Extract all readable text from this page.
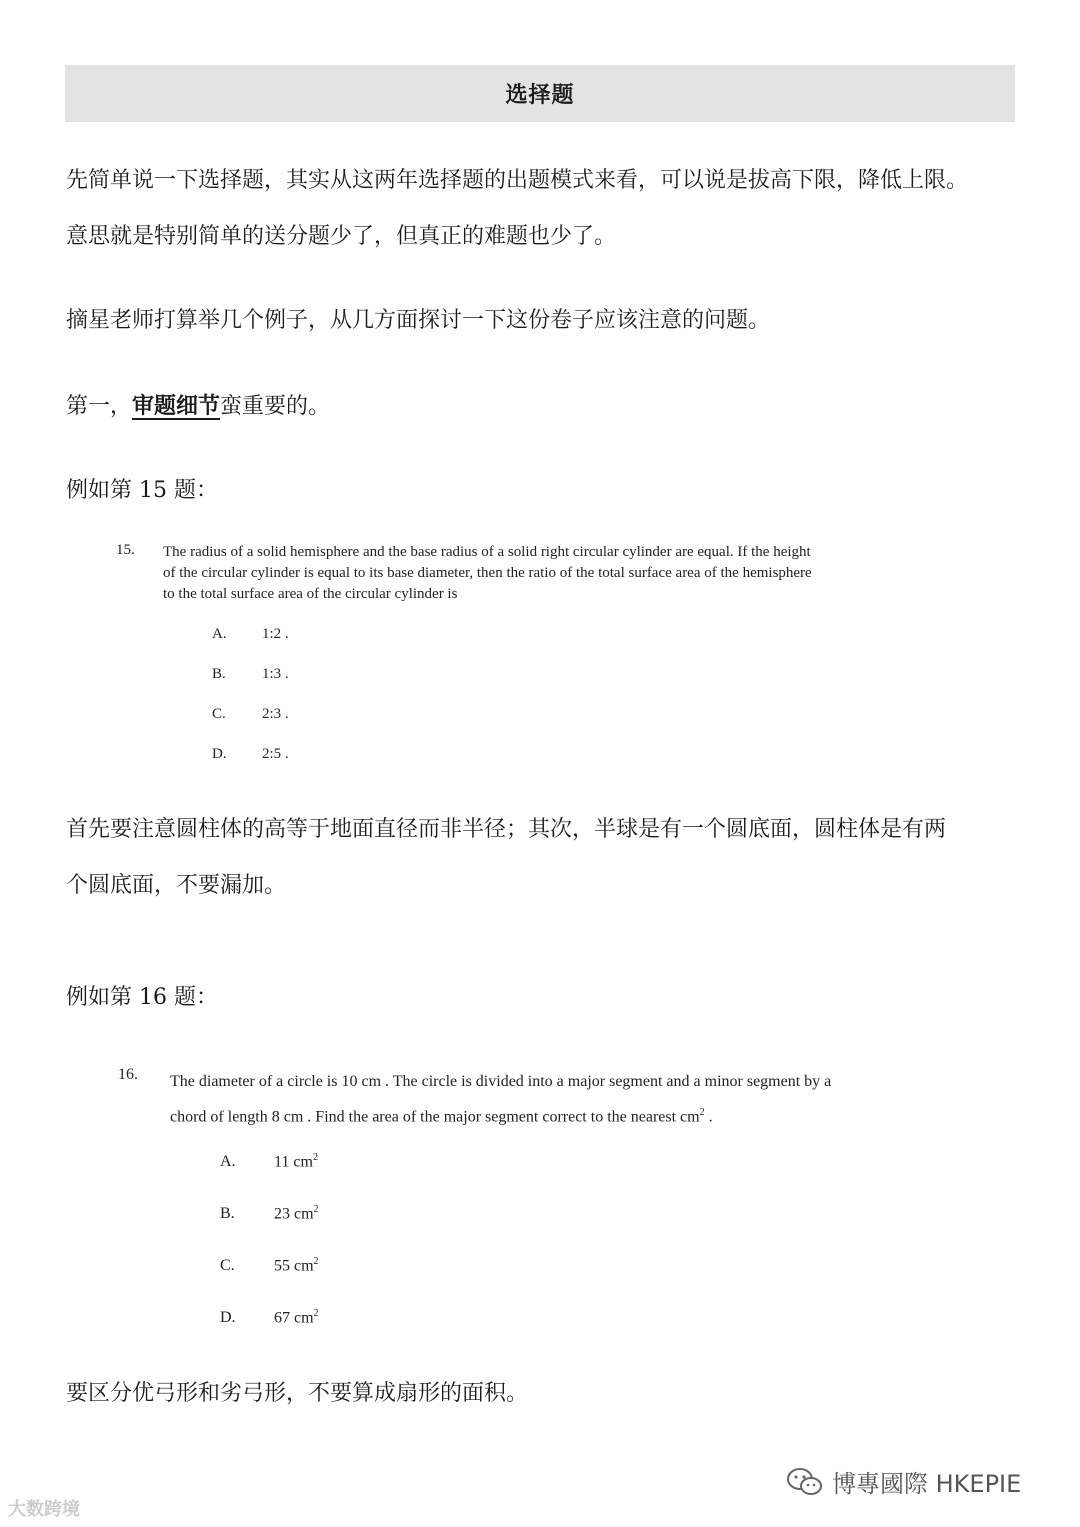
选择题
先简单说一下选择题，其实从这两年选择题的出题模式来看，可以说是拔高下限，降低上限。
意思就是特别简单的送分题少了，但真正的难题也少了。
摘星老师打算举几个例子，从几方面探讨一下这份卷子应该注意的问题。
第一，审题细节蛮重要的。
例如第 15 题：
15. The radius of a solid hemisphere and the base radius of a solid right circular cylinder are equal. If the height
of the circular cylinder is equal to its base diameter, then the ratio of the total surface area of the hemisphere
to the total surface area of the circular cylinder is
A. 1:2 .
B. 1:3 .
C. 2:3 .
D. 2:5 .
首先要注意圆柱体的高等于地面直径而非半径；其次，半球是有一个圆底面，圆柱体是有两
个圆底面，不要漏加。
例如第 16 题：
16. The diameter of a circle is 10 cm . The circle is divided into a major segment and a minor segment by a
chord of length 8 cm . Find the area of the major segment correct to the nearest $cm^2$ .
A. 11 $cm^2$
B. 23 $cm^2$
C. 55 $cm^2$
D. 67 $cm^2$
要区分优弓形和劣弓形，不要算成扇形的面积。
大数跨境
博專國際 HKEPIE
